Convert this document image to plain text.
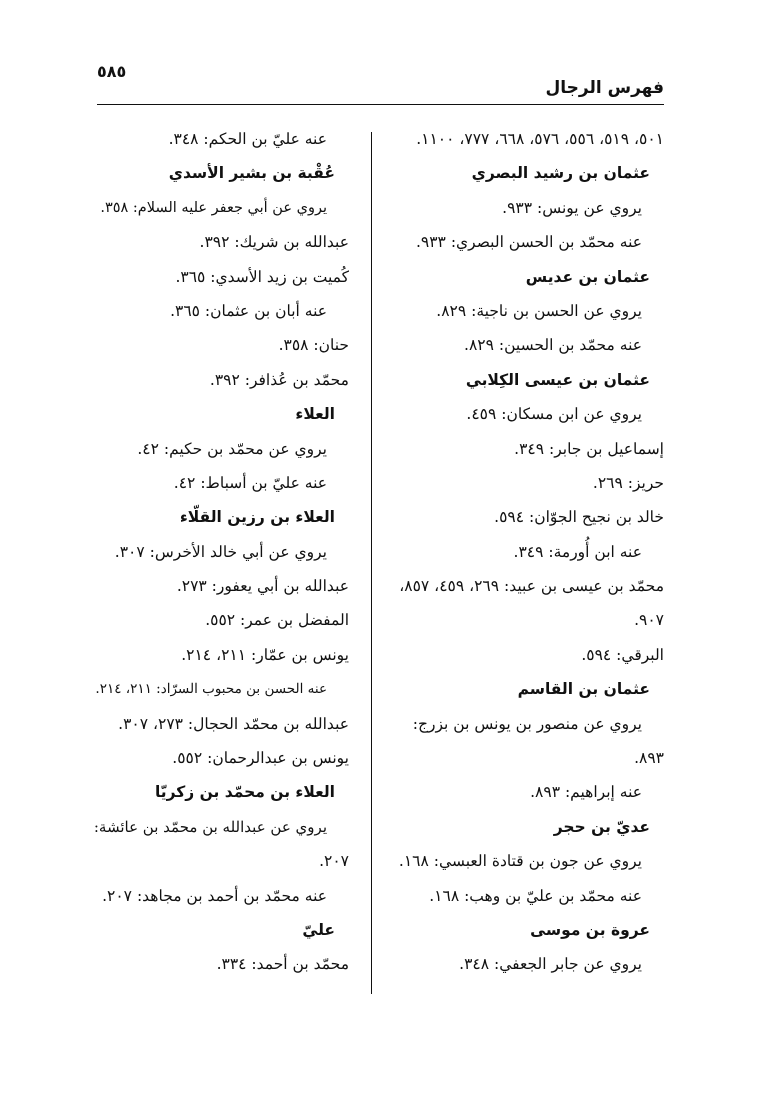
٥٨٥
فهرس الرجال
٥٠١، ٥١٩، ٥٥٦، ٥٧٦، ٦٦٨، ٧٧٧، ١١٠٠.
عثمان بن رشيد البصري
يروي عن يونس: ٩٣٣.
عنه محمّد بن الحسن البصري: ٩٣٣.
عثمان بن عديس
يروي عن الحسن بن ناجية: ٨٢٩.
عنه محمّد بن الحسين: ٨٢٩.
عثمان بن عيسى الكِلابي
يروي عن ابن مسكان: ٤٥٩.
إسماعيل بن جابر: ٣٤٩.
حريز: ٢٦٩.
خالد بن نجيح الجوّان: ٥٩٤.
عنه ابن أُورمة: ٣٤٩.
محمّد بن عيسى بن عبيد: ٢٦٩، ٤٥٩، ٨٥٧،
٩٠٧.
البرقي: ٥٩٤.
عثمان بن القاسم
يروي عن منصور بن يونس بن بزرج:
٨٩٣.
عنه إبراهيم: ٨٩٣.
عديّ بن حجر
يروي عن جون بن قتادة العبسي: ١٦٨.
عنه محمّد بن عليّ بن وهب: ١٦٨.
عروة بن موسى
يروي عن جابر الجعفي: ٣٤٨.
عنه عليّ بن الحكم: ٣٤٨.
عُقْبة بن بشير الأسدي
يروي عن أبي جعفر عليه السلام: ٣٥٨.
عبدالله بن شريك: ٣٩٢.
كُميت بن زيد الأسدي: ٣٦٥.
عنه أبان بن عثمان: ٣٦٥.
حنان: ٣٥٨.
محمّد بن عُذافر: ٣٩٢.
العلاء
يروي عن محمّد بن حكيم: ٤٢.
عنه عليّ بن أسباط: ٤٢.
العلاء بن رزين القلّاء
يروي عن أبي خالد الأخرس: ٣٠٧.
عبدالله بن أبي يعفور: ٢٧٣.
المفضل بن عمر: ٥٥٢.
يونس بن عمّار: ٢١١، ٢١٤.
عنه الحسن بن محبوب السرّاد: ٢١١، ٢١٤.
عبدالله بن محمّد الحجال: ٢٧٣، ٣٠٧.
يونس بن عبدالرحمان: ٥٥٢.
العلاء بن محمّد بن زكريّا
يروي عن عبدالله بن محمّد بن عائشة:
٢٠٧.
عنه محمّد بن أحمد بن مجاهد: ٢٠٧.
عليّ
محمّد بن أحمد: ٣٣٤.
